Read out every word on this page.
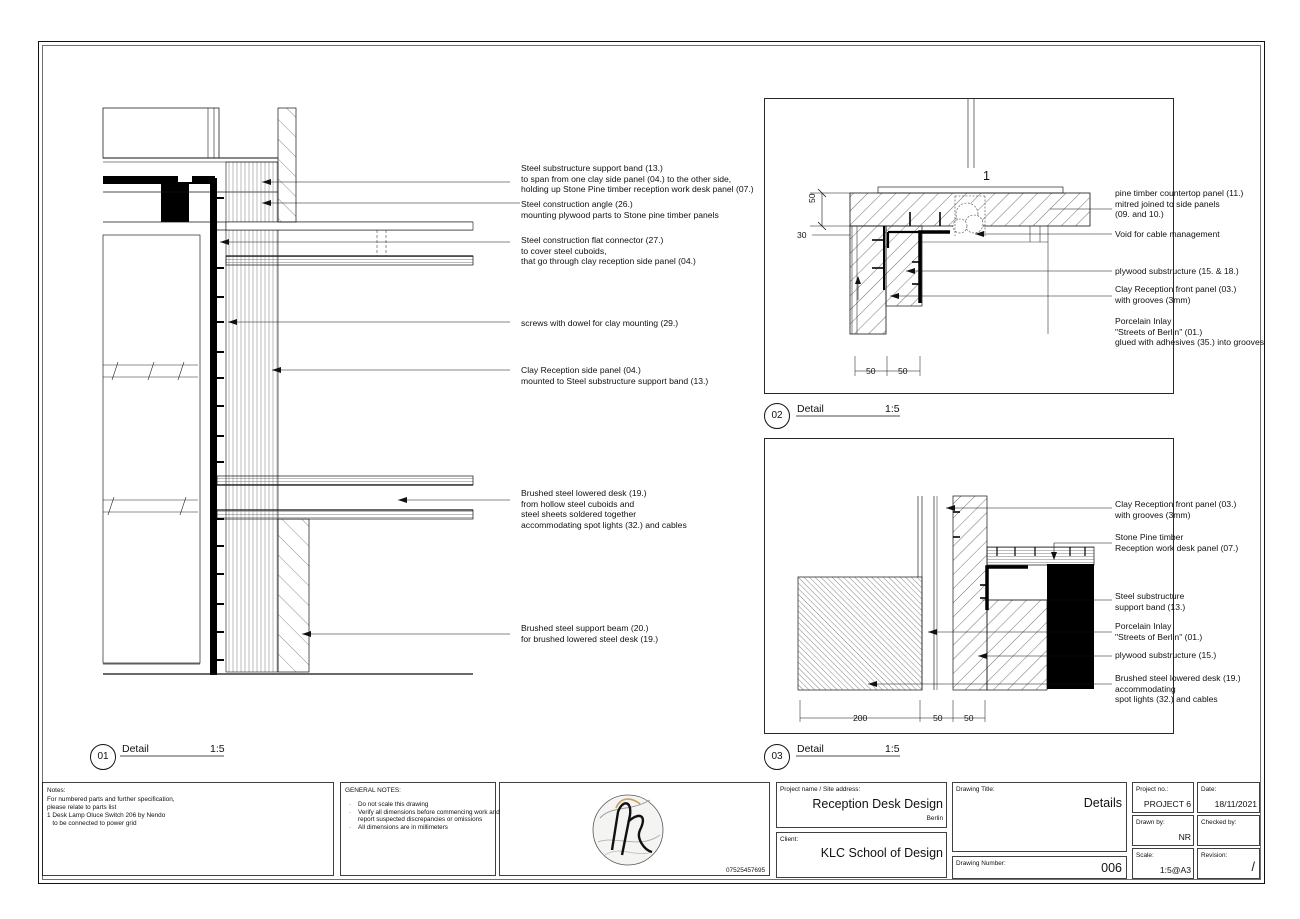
Steel substructure support band (13.)
to span from one clay side panel (04.) to the other side,
holding up Stone Pine timber reception work desk panel (07.)
Steel construction angle (26.)
mounting plywood parts to Stone pine timber panels
Steel construction flat connector (27.)
to cover steel cuboids,
that go through clay reception side panel (04.)
screws with dowel for clay mounting (29.)
Clay Reception side panel (04.)
mounted to Steel substructure support band (13.)
Brushed steel lowered desk (19.)
from hollow steel cuboids and
steel sheets soldered together
accommodating spot lights (32.) and cables
Brushed steel support beam (20.)
for brushed lowered steel desk (19.)
01
Detail	1:5
1
50
30
50	50
pine timber countertop panel (11.)
mitred joined to side panels
(09. and 10.)
Void for cable management
plywood substructure (15. & 18.)
Clay Reception front panel (03.)
with grooves (3mm)
Porcelain Inlay
"Streets of Berlin" (01.)
glued with adhesives (35.) into grooves
02
Detail	1:5
200	50 50
Clay Reception front panel (03.)
with grooves (3mm)
Stone Pine timber
Reception work desk panel (07.)
Steel substructure
support band (13.)
Porcelain Inlay
"Streets of Berlin" (01.)
plywood substructure (15.)
Brushed steel lowered desk (19.)
accommodating
spot lights (32.) and cables
03
Detail	1:5
Notes:
For numbered parts and further specification,
please relate to parts list
1 Desk Lamp Oluce Switch 206 by Nendo
to be connected to power grid
GENERAL NOTES:
· Do not scale this drawing
· Verify all dimensions before commencing work and report suspected discrepancies or omissions
· All dimensions are in millimeters
07525457695
Project name / Site address:
Reception Desk Design
Berlin
Client:
KLC School of Design
Drawing Title:
Details
Drawing Number:	006
Project no.:
PROJECT 6
Date:
18/11/2021
Drawn by:
NR
Checked by:
Scale:
1:5@A3
Revision:
/
